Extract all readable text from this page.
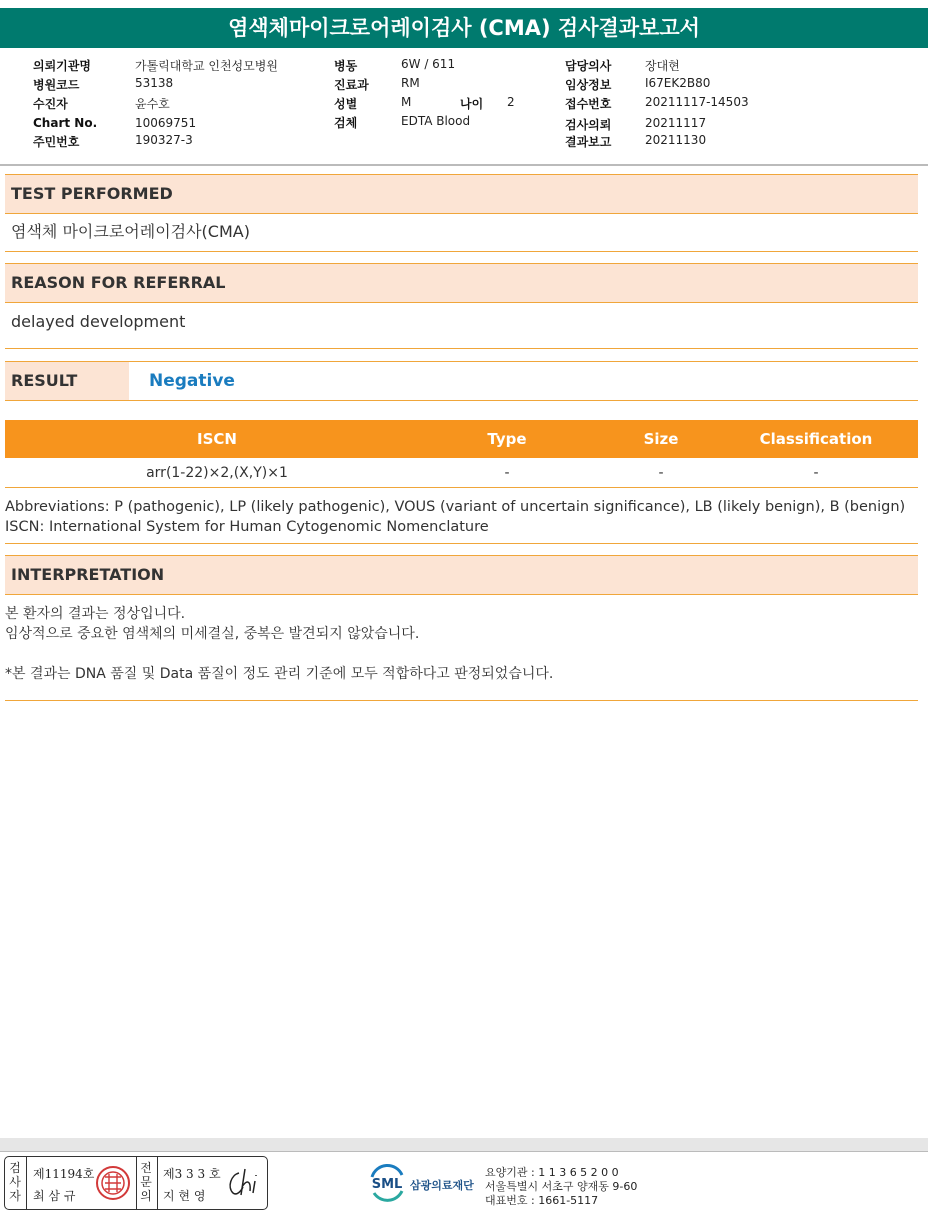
염색체마이크로어레이검사 (CMA) 검사결과보고서
의뢰기관명	가톨릭대학교 인천성모병원
병원코드	53138
수진자	윤수호
Chart No.	10069751
주민번호	190327-3
병동	6W / 611
진료과	RM
성별	M	나이 2
검체	EDTA Blood
담당의사	장대현
임상정보	I67EK2B80
접수번호	20211117-14503
검사의뢰	20211117
결과보고	20211130
TEST PERFORMED
염색체 마이크로어레이검사(CMA)
REASON FOR REFERRAL
delayed development
RESULT	Negative
ISCN	Type	Size	Classification
arr(1-22)×2,(X,Y)×1	-	-	-
Abbreviations: P (pathogenic), LP (likely pathogenic), VOUS (variant of uncertain significance), LB (likely benign), B (benign)
ISCN: International System for Human Cytogenomic Nomenclature
INTERPRETATION
본 환자의 결과는 정상입니다.
임상적으로 중요한 염색체의 미세결실, 중복은 발견되지 않았습니다.
*본 결과는 DNA 품질 및 Data 품질이 정도 관리 기준에 모두 적합하다고 판정되었습니다.
검사자
제11194호
최 삼 규
전문의
제3 3 3 호
지 현 영
SML 삼광의료재단
요양기관 : 1 1 3 6 5 2 0 0
서울특별시 서초구 양재동 9-60
대표번호 : 1661-5117
